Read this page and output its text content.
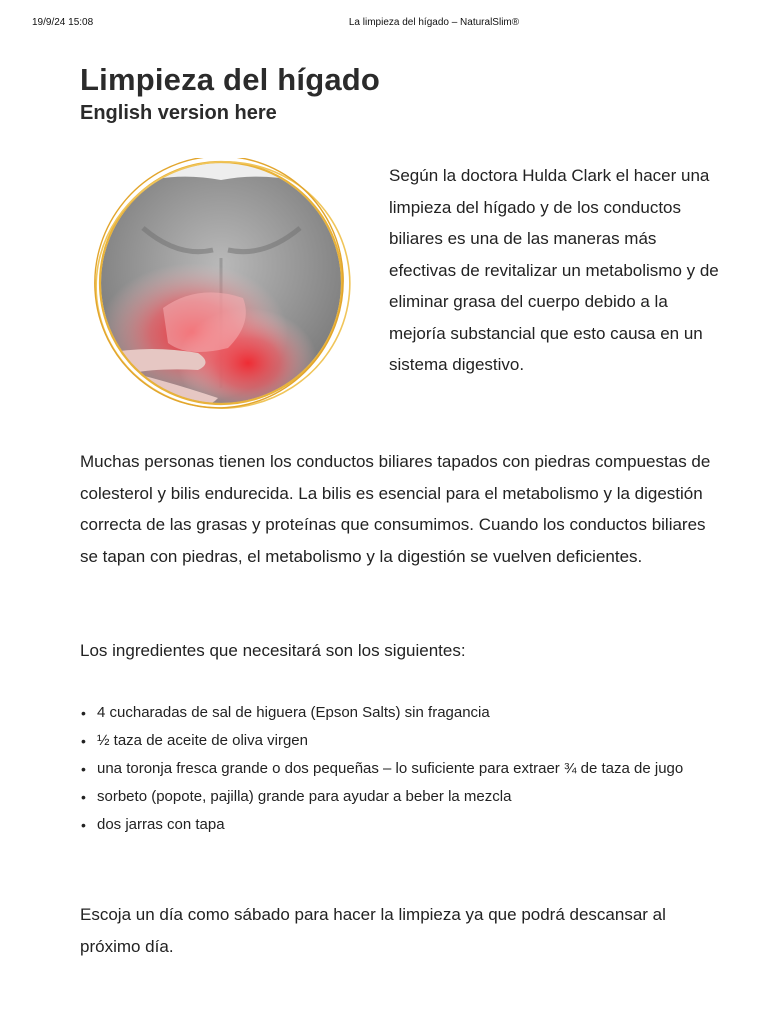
19/9/24 15:08	La limpieza del hígado – NaturalSlim®
Limpieza del hígado
English version here

Según la doctora Hulda Clark el hacer una limpieza del hígado y de los conductos biliares es una de las maneras más efectivas de revitalizar un metabolismo y de eliminar grasa del cuerpo debido a la mejoría substancial que esto causa en un sistema digestivo.

Muchas personas tienen los conductos biliares tapados con piedras compuestas de colesterol y bilis endurecida. La bilis es esencial para el metabolismo y la digestión correcta de las grasas y proteínas que consumimos. Cuando los conductos biliares se tapan con piedras, el metabolismo y la digestión se vuelven deficientes.

Los ingredientes que necesitará son los siguientes:

• 4 cucharadas de sal de higuera (Epson Salts) sin fragancia
• ½ taza de aceite de oliva virgen
• una toronja fresca grande o dos pequeñas – lo suficiente para extraer ¾ de taza de jugo
• sorbeto (popote, pajilla) grande para ayudar a beber la mezcla
• dos jarras con tapa

Escoja un día como sábado para hacer la limpieza ya que podrá descansar al próximo día.
